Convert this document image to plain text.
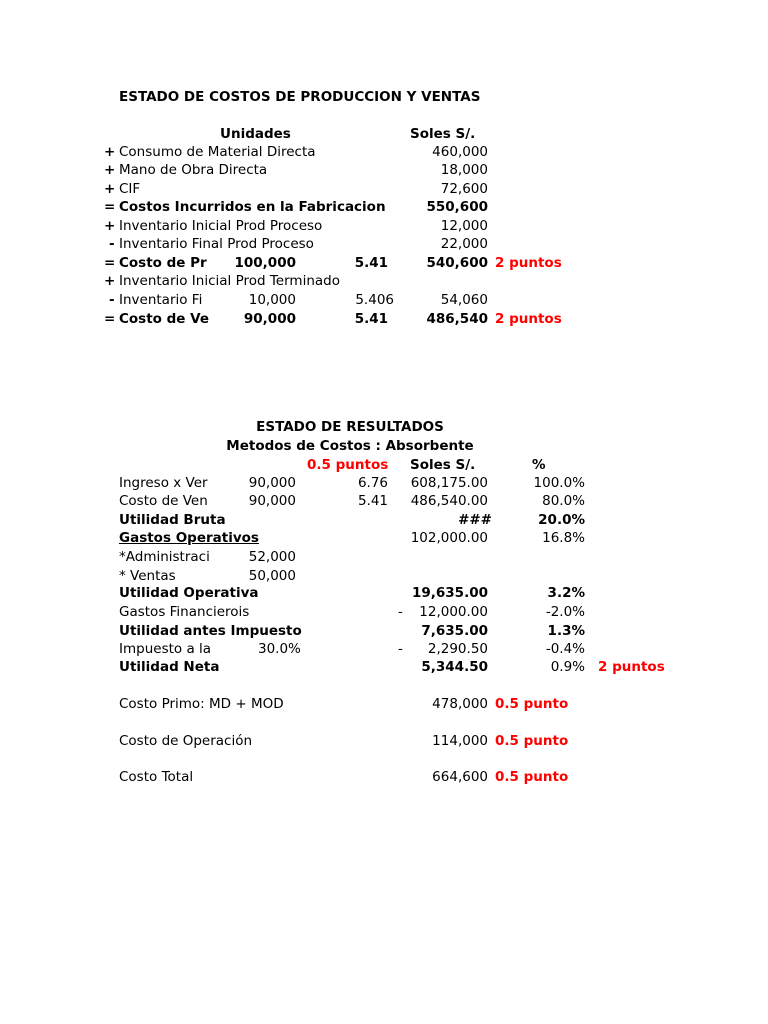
ESTADO DE COSTOS DE PRODUCCION Y VENTAS
Unidades	Soles S/.
+ Consumo de Material Directa	460,000
+ Mano de Obra Directa	18,000
+ CIF	72,600
= Costos Incurridos en la Fabricacion	550,600
+ Inventario Inicial Prod Proceso	12,000
- Inventario Final Prod Proceso	22,000
= Costo de Pr	100,000	5.41	540,600 2 puntos
+ Inventario Inicial Prod Terminado
- Inventario Fi	10,000	5.406	54,060
= Costo de Ve	90,000	5.41	486,540 2 puntos
ESTADO DE RESULTADOS
Metodos de Costos : Absorbente
0.5 puntos Soles S/.	%
Ingreso x Ver	90,000	6.76	608,175.00	100.0%
Costo de Ven	90,000	5.41	486,540.00	80.0%
Utilidad Bruta	###	20.0%
Gastos Operativos	102,000.00	16.8%
*Administraci	52,000
* Ventas	50,000
Utilidad Operativa	19,635.00	3.2%
Gastos Financierois	-	12,000.00	-2.0%
Utilidad antes Impuesto	7,635.00	1.3%
Impuesto a la	30.0%	-	2,290.50	-0.4%
Utilidad Neta	5,344.50	0.9% 2 puntos
Costo Primo: MD + MOD	478,000 0.5 punto
Costo de Operación	114,000 0.5 punto
Costo Total	664,600 0.5 punto
